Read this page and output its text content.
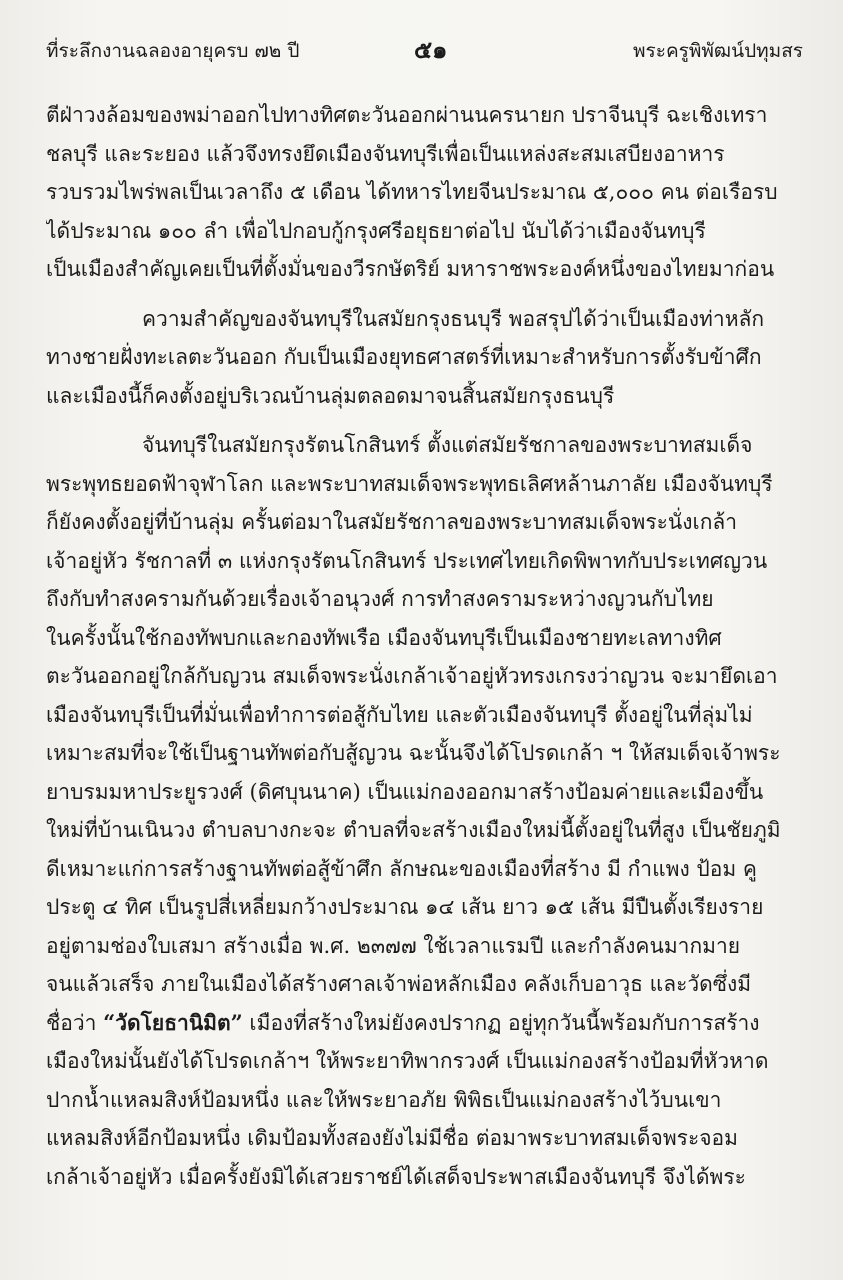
ที่ระลึกงานฉลองอายุครบ ๗๒ ปี	๕๑	พระครูพิพัฒน์ปทุมสร
ตีฝ่าวงล้อมของพม่าออกไปทางทิศตะวันออกผ่านนครนายก ปราจีนบุรี ฉะเชิงเทรา
ชลบุรี และระยอง แล้วจึงทรงยึดเมืองจันทบุรีเพื่อเป็นแหล่งสะสมเสบียงอาหาร
รวบรวมไพร่พลเป็นเวลาถึง ๕ เดือน ได้ทหารไทยจีนประมาณ ๕,๐๐๐ คน ต่อเรือรบ
ได้ประมาณ ๑๐๐ ลำ เพื่อไปกอบกู้กรุงศรีอยุธยาต่อไป นับได้ว่าเมืองจันทบุรี
เป็นเมืองสำคัญเคยเป็นที่ตั้งมั่นของวีรกษัตริย์ มหาราชพระองค์หนึ่งของไทยมาก่อน
ความสำคัญของจันทบุรีในสมัยกรุงธนบุรี พอสรุปได้ว่าเป็นเมืองท่าหลัก
ทางชายฝั่งทะเลตะวันออก กับเป็นเมืองยุทธศาสตร์ที่เหมาะสำหรับการตั้งรับข้าศึก
และเมืองนี้ก็คงตั้งอยู่บริเวณบ้านลุ่มตลอดมาจนสิ้นสมัยกรุงธนบุรี
จันทบุรีในสมัยกรุงรัตนโกสินทร์ ตั้งแต่สมัยรัชกาลของพระบาทสมเด็จ
พระพุทธยอดฟ้าจุฬาโลก และพระบาทสมเด็จพระพุทธเลิศหล้านภาลัย เมืองจันทบุรี
ก็ยังคงตั้งอยู่ที่บ้านลุ่ม ครั้นต่อมาในสมัยรัชกาลของพระบาทสมเด็จพระนั่งเกล้า
เจ้าอยู่หัว รัชกาลที่ ๓ แห่งกรุงรัตนโกสินทร์ ประเทศไทยเกิดพิพาทกับประเทศญวน
ถึงกับทำสงครามกันด้วยเรื่องเจ้าอนุวงศ์ การทำสงครามระหว่างญวนกับไทย
ในครั้งนั้นใช้กองทัพบกและกองทัพเรือ เมืองจันทบุรีเป็นเมืองชายทะเลทางทิศ
ตะวันออกอยู่ใกล้กับญวน สมเด็จพระนั่งเกล้าเจ้าอยู่หัวทรงเกรงว่าญวน จะมายึดเอา
เมืองจันทบุรีเป็นที่มั่นเพื่อทำการต่อสู้กับไทย และตัวเมืองจันทบุรี ตั้งอยู่ในที่ลุ่มไม่
เหมาะสมที่จะใช้เป็นฐานทัพต่อกับสู้ญวน ฉะนั้นจึงได้โปรดเกล้า ฯ ให้สมเด็จเจ้าพระ
ยาบรมมหาประยูรวงศ์ (ดิศบุนนาค) เป็นแม่กองออกมาสร้างป้อมค่ายและเมืองขึ้น
ใหม่ที่บ้านเนินวง ตำบลบางกะจะ ตำบลที่จะสร้างเมืองใหม่นี้ตั้งอยู่ในที่สูง เป็นชัยภูมิ
ดีเหมาะแก่การสร้างฐานทัพต่อสู้ข้าศึก ลักษณะของเมืองที่สร้าง มี กำแพง ป้อม คู
ประตู ๔ ทิศ เป็นรูปสี่เหลี่ยมกว้างประมาณ ๑๔ เส้น ยาว ๑๕ เส้น มีปืนตั้งเรียงราย
อยู่ตามช่องใบเสมา สร้างเมื่อ พ.ศ. ๒๓๗๗ ใช้เวลาแรมปี และกำลังคนมากมาย
จนแล้วเสร็จ ภายในเมืองได้สร้างศาลเจ้าพ่อหลักเมือง คลังเก็บอาวุธ และวัดซึ่งมี
ชื่อว่า “วัดโยธานิมิต” เมืองที่สร้างใหม่ยังคงปรากฏ อยู่ทุกวันนี้พร้อมกับการสร้าง
เมืองใหม่นั้นยังได้โปรดเกล้าฯ ให้พระยาทิพากรวงศ์ เป็นแม่กองสร้างป้อมที่หัวหาด
ปากน้ำแหลมสิงห์ป้อมหนึ่ง และให้พระยาอภัย พิพิธเป็นแม่กองสร้างไว้บนเขา
แหลมสิงห์อีกป้อมหนึ่ง เดิมป้อมทั้งสองยังไม่มีชื่อ ต่อมาพระบาทสมเด็จพระจอม
เกล้าเจ้าอยู่หัว เมื่อครั้งยังมิได้เสวยราชย์ได้เสด็จประพาสเมืองจันทบุรี จึงได้พระ
